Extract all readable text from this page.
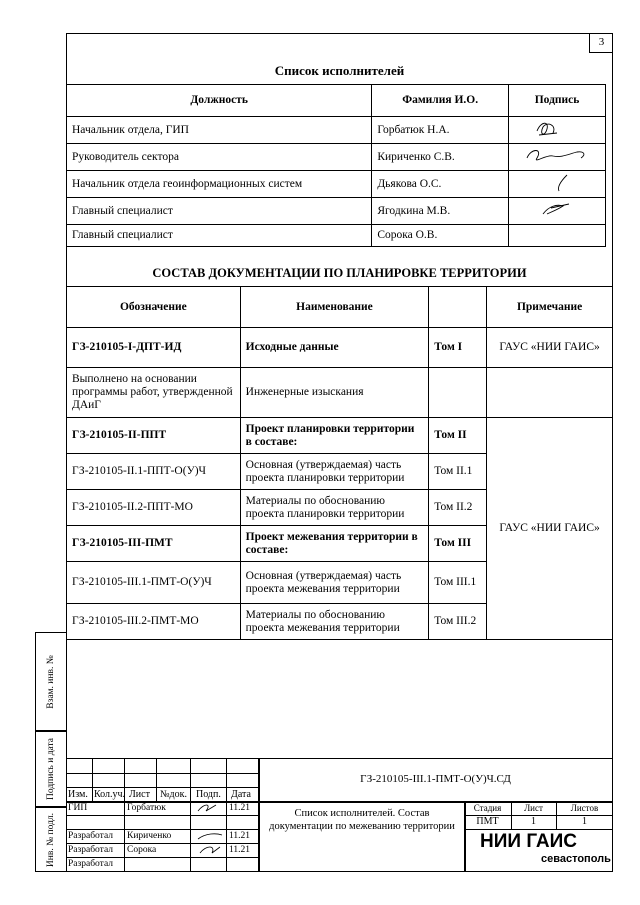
3
Список исполнителей
Должность	Фамилия И.О.	Подпись
Начальник отдела, ГИП	Горбатюк Н.А.	
Руководитель сектора	Кириченко С.В.	
Начальник отдела геоинформационных систем	Дьякова О.С.	
Главный специалист	Ягодкина М.В.	
Главный специалист	Сорока О.В.	
СОСТАВ ДОКУМЕНТАЦИИ ПО ПЛАНИРОВКЕ ТЕРРИТОРИИ
Обозначение	Наименование		Примечание
ГЗ-210105-I-ДПТ-ИД	Исходные данные	Том I	ГАУС «НИИ ГАИС»
Выполнено на основании программы работ, утвержденной ДАиГ	Инженерные изыскания		
ГЗ-210105-II-ППТ	Проект планировки территории в составе:	Том II	ГАУС «НИИ ГАИС»
ГЗ-210105-II.1-ППТ-О(У)Ч	Основная (утверждаемая) часть проекта планировки территории	Том II.1	
ГЗ-210105-II.2-ППТ-МО	Материалы по обоснованию проекта планировки территории	Том II.2	
ГЗ-210105-III-ПМТ	Проект межевания территории в составе:	Том III	
ГЗ-210105-III.1-ПМТ-О(У)Ч	Основная (утверждаемая) часть проекта межевания территории	Том III.1	
ГЗ-210105-III.2-ПМТ-МО	Материалы по обоснованию проекта межевания территории	Том III.2	
Взам. инв. №
Подпись и дата
Инв. № подл.
ГЗ-210105-III.1-ПМТ-О(У)Ч.СД
Изм. Кол.уч. Лист №док. Подп. Дата
ГИП	Горбатюк	11.21
Разработал Кириченко	11.21
Разработал Сорока	11.21
Разработал
Список исполнителей. Состав документации по межеванию территории
Стадия	Лист	Листов
ПМТ	1	1
НИИ ГАИС
севастополь
